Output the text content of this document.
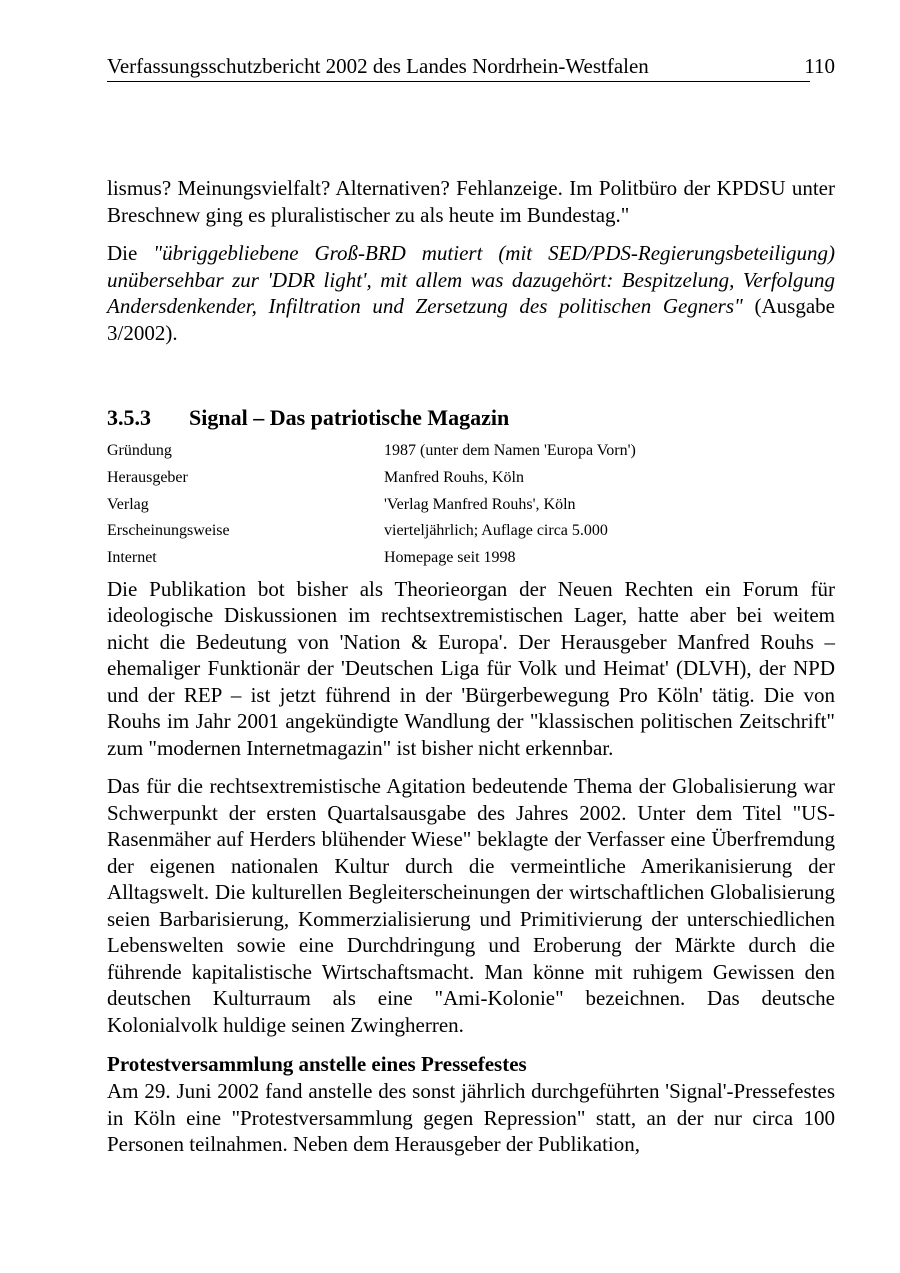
Verfassungsschutzbericht 2002 des Landes Nordrhein-Westfalen	110

lismus? Meinungsvielfalt? Alternativen? Fehlanzeige. Im Politbüro der KPDSU unter Breschnew ging es pluralistischer zu als heute im Bundestag."

Die "übriggebliebene Groß-BRD mutiert (mit SED/PDS-Regierungsbeteiligung) unübersehbar zur 'DDR light', mit allem was dazugehört: Bespitzelung, Verfolgung Andersdenkender, Infiltration und Zersetzung des politischen Gegners" (Ausgabe 3/2002).

3.5.3	Signal – Das patriotische Magazin
Gründung	1987 (unter dem Namen 'Europa Vorn')
Herausgeber	Manfred Rouhs, Köln
Verlag	'Verlag Manfred Rouhs', Köln
Erscheinungsweise	vierteljährlich; Auflage circa 5.000
Internet	Homepage seit 1998

Die Publikation bot bisher als Theorieorgan der Neuen Rechten ein Forum für ideologische Diskussionen im rechtsextremistischen Lager, hatte aber bei weitem nicht die Bedeutung von 'Nation & Europa'. Der Herausgeber Manfred Rouhs – ehemaliger Funktionär der 'Deutschen Liga für Volk und Heimat' (DLVH), der NPD und der REP – ist jetzt führend in der 'Bürgerbewegung Pro Köln' tätig. Die von Rouhs im Jahr 2001 angekündigte Wandlung der "klassischen politischen Zeitschrift" zum "modernen Internetmagazin" ist bisher nicht erkennbar.

Das für die rechtsextremistische Agitation bedeutende Thema der Globalisierung war Schwerpunkt der ersten Quartalsausgabe des Jahres 2002. Unter dem Titel "US-Rasenmäher auf Herders blühender Wiese" beklagte der Verfasser eine Überfremdung der eigenen nationalen Kultur durch die vermeintliche Amerikanisierung der Alltagswelt. Die kulturellen Begleiterscheinungen der wirtschaftlichen Globalisierung seien Barbarisierung, Kommerzialisierung und Primitivierung der unterschiedlichen Lebenswelten sowie eine Durchdringung und Eroberung der Märkte durch die führende kapitalistische Wirtschaftsmacht. Man könne mit ruhigem Gewissen den deutschen Kulturraum als eine "Ami-Kolonie" bezeichnen. Das deutsche Kolonialvolk huldige seinen Zwingherren.

Protestversammlung anstelle eines Pressefestes

Am 29. Juni 2002 fand anstelle des sonst jährlich durchgeführten 'Signal'-Pressefestes in Köln eine "Protestversammlung gegen Repression" statt, an der nur circa 100 Personen teilnahmen. Neben dem Herausgeber der Publikation,
